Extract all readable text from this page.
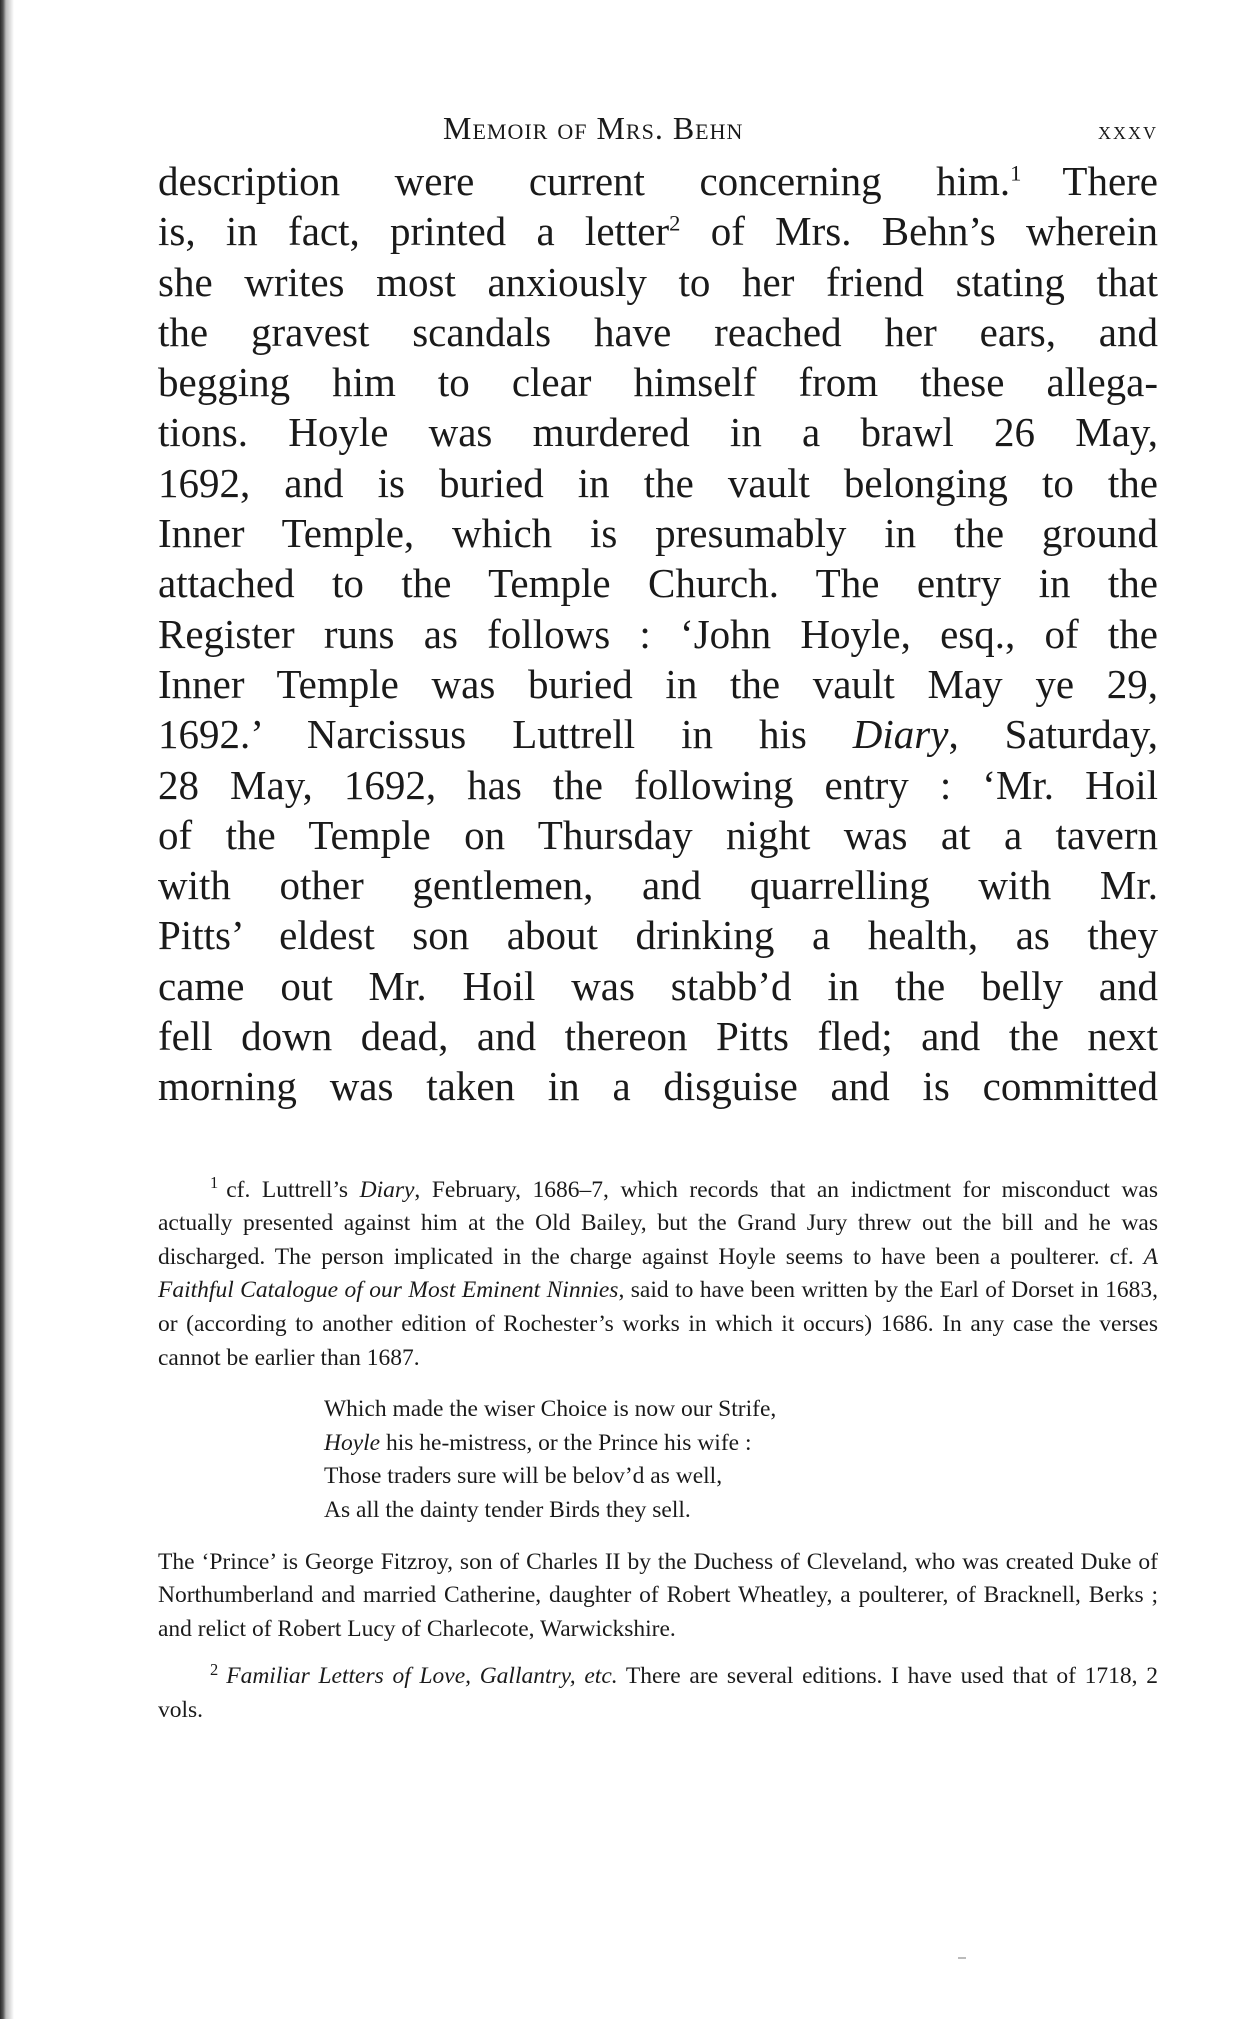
Memoir of Mrs. Behn	xxxv
description were current concerning him.$^1$  There
is, in fact, printed a letter$^2$ of Mrs. Behn’s wherein
she writes most anxiously to her friend stating that
the gravest scandals have reached her ears, and
begging him to clear himself from these allega-
tions. Hoyle was murdered in a brawl 26 May,
1692, and is buried in the vault belonging to the
Inner Temple, which is presumably in the ground
attached to the Temple Church. The entry in the
Register runs as follows : ‘John Hoyle, esq., of the
Inner Temple was buried in the vault May ye 29,
1692.’ Narcissus Luttrell in his Diary, Saturday,
28 May, 1692, has the following entry : ‘Mr. Hoil
of the Temple on Thursday night was at a tavern
with other gentlemen, and quarrelling with Mr.
Pitts’ eldest son about drinking a health, as they
came out Mr. Hoil was stabb’d in the belly and
fell down dead, and thereon Pitts fled; and the next
morning was taken in a disguise and is committed

$^1$ cf. Luttrell’s Diary, February, 1686–7, which records that an indictment for misconduct was actually presented against him at the Old Bailey, but the Grand Jury threw out the bill and he was discharged. The person implicated in the charge against Hoyle seems to have been a poulterer. cf. A Faithful Catalogue of our Most Eminent Ninnies, said to have been written by the Earl of Dorset in 1683, or (according to another edition of Rochester’s works in which it occurs) 1686. In any case the verses cannot be earlier than 1687.

Which made the wiser Choice is now our Strife,
Hoyle his he-mistress, or the Prince his wife :
Those traders sure will be belov’d as well,
As all the dainty tender Birds they sell.

The ‘Prince’ is George Fitzroy, son of Charles II by the Duchess of Cleveland, who was created Duke of Northumberland and married Catherine, daughter of Robert Wheatley, a poulterer, of Bracknell, Berks ; and relict of Robert Lucy of Charlecote, Warwickshire.

$^2$ Familiar Letters of Love, Gallantry, etc. There are several editions. I have used that of 1718, 2 vols.
